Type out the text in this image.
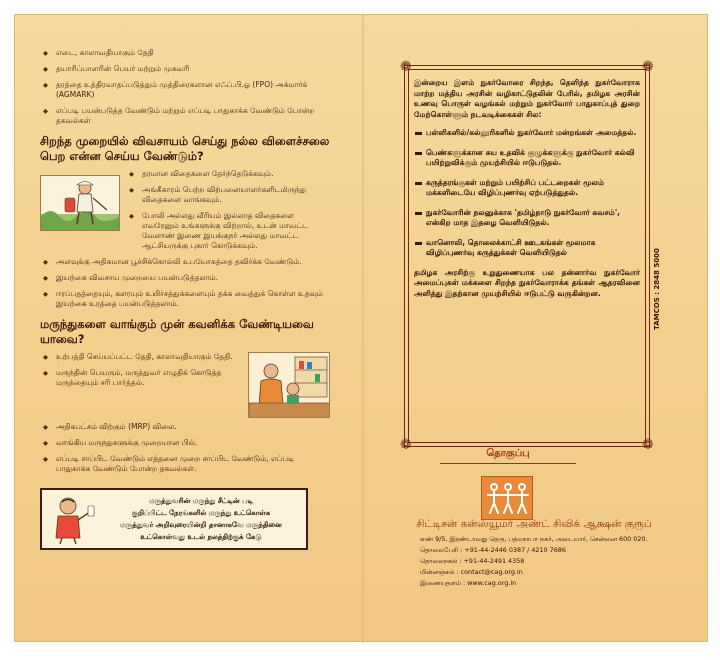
◆ எடை, காலாவதியாகும் தேதி
◆ தயாரிப்பாளரின் பெயர் மற்றும் முகவரி
◆ தரத்தை உத்திரவாதப்படுத்தும் முத்திரைகளான எஃப்.பி.ஓ (FPO) அக்மார்க் (AGMARK)
◆ எப்படி பயன்படுத்த வேண்டும் மற்றும் எப்படி பாதுகாக்க வேண்டும் போன்ற தகவல்கள்
சிறந்த முறையில் விவசாயம் செய்து நல்ல விளைச்சலை பெற என்ன செய்ய வேண்டும்?
◆ தரமான விதைகளை தேர்ந்தெடுக்கவும்.
◆ அங்கீகாரம் பெற்ற விற்பனையாளர்களிடமிருந்து விதைகளை வாங்கவும்.
◆ போலி அல்லது வீரியம் இல்லாத விதைகளை எவரேனும் உங்களுக்கு விற்றால், உடன் மாவட்ட வேளாண் இணை இயக்குநர் அல்லது மாவட்ட ஆட்சியருக்கு புகார் கொடுக்கவும்.
◆ அளவுக்கு அதிகமான பூச்சிக்கொல்லி உபயோகத்தை தவிர்க்க வேண்டும்.
◆ இயற்கை விவசாய முறையை பயன்படுத்தலாம்.
◆ ஈரப்பதத்தையும், களரயும் உயிர்சத்துக்களையும் தக்க வைத்துக் கொள்ள உதவும் இயற்கை உரத்தை பயன்படுத்தலாம்.
மருந்துகளை வாங்கும் முன் கவனிக்க வேண்டியவை யாவை?
◆ உற்பத்தி செய்யப்பட்ட தேதி, காலாவதியாகும் தேதி.
◆ மருந்தின் பெயரும், மருத்துவர் எழுதிக் கொடுத்த மருந்தையும் சரி பார்த்தல்.
◆ அதிகபட்சம் விற்கும் (MRP) விலை.
◆ வாங்கிய மருந்துகளுக்கு முறையான பில்.
◆ எப்படி சாப்பிட வேண்டும் எத்தனை முறை சாப்பிட வேண்டும், எப்படி பாதுகாக்க வேண்டும் போன்ற தகவல்கள்.
மருத்துவரின் மருந்து சீட்டின் படி
குறிப்பிட்ட நேரங்களில் மருந்து உட்கொள்க
மருத்துவர் அறிவுரையின்றி தானாகவே மருந்தினை
உட்கொள்வது உடல் நலத்திற்குக் கேடு
❁	❁
❁	❁

இன்றைய இளம் நுகர்வோரை சிறந்த, தெளிந்த நுகர்வோராக மாற்ற மத்திய அரசின் வழிகாட்டுதலின் பேரில், தமிழக அரசின் உணவு பொருள் வழங்கல் மற்றும் நுகர்வோர் பாதுகாப்புத் துறை மேற்கொள்ளும் நடவடிக்கைகள் சில:

பள்ளிகளில்/கல்லூரிகளில் நுகர்வோர் மன்றங்கள் அமைத்தல்.
பெண்களுக்கான சுய உதவிக் குழுக்களுக்கு நுகர்வோர் கல்வி பயிற்றுவிக்கும் முயற்சியில் ஈடுபடுதல்.
கருத்தரங்குகள் மற்றும் பயிற்சிப் பட்டறைகள் மூலம் மக்களிடையே விழிப்புணர்வு ஏற்படுத்துதல்.
நுகர்வோரின் நலனுக்காக 'தமிழ்நாடு நுகர்வோர் கவசம்', என்கிற மாத இதழை வெளியிடுதல்.
வானொலி, தொலைக்காட்சி ஊடகங்கள் மூலமாக விழிப்புணர்வு கருத்துக்கள் வெளியிடுதல்

தமிழக அரசிற்கு உறுதுணையாக பல தன்னார்வ நுகர்வோர் அமைப்புகள் மக்களை சிறந்த நுகர்வோராக்க தங்கள் ஆதரவினை அளித்து இதற்கான முயற்சியில் ஈடுபட்டு வருகின்றன.	TAMCOS : 2848 5000
தொகுப்பு
சிட்டிசன் கன்ஸ்யூமர் அண்ட் சிவிக் ஆக்ஷன் குரூப்
எண் 9/5, இரண்டாவது தெரு, பத்மநாபா நகர், அடையார், சென்னை 600 020.
தொலைபேசி : +91-44-2446 0387 / 4210 7686
தொலைநகல் : +91-44-2491 4358
மின்னஞ்சல் : contact@cag.org.in
இணையதளம் : www.cag.org.in
